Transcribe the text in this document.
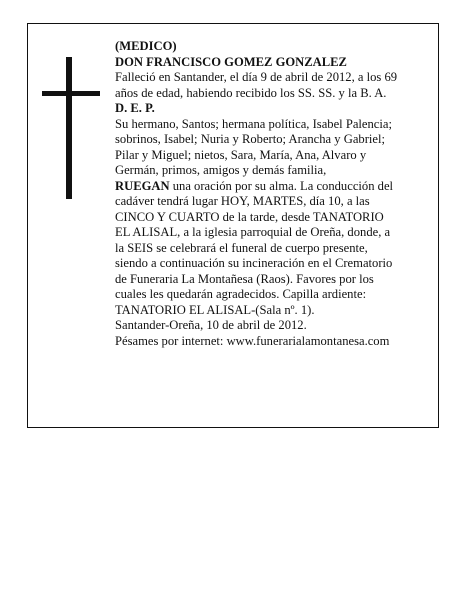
(MEDICO)
DON FRANCISCO GOMEZ GONZALEZ
Falleció en Santander, el día 9 de abril de 2012, a los 69
años de edad, habiendo recibido los SS. SS. y la B. A.
D. E. P.
Su hermano, Santos; hermana política, Isabel Palencia;
sobrinos, Isabel; Nuria y Roberto; Arancha y Gabriel;
Pilar y Miguel; nietos, Sara, María, Ana, Alvaro y
Germán, primos, amigos y demás familia,
RUEGAN una oración por su alma. La conducción del
cadáver tendrá lugar HOY, MARTES, día 10, a las
CINCO Y CUARTO de la tarde, desde TANATORIO
EL ALISAL, a la iglesia parroquial de Oreña, donde, a
la SEIS se celebrará el funeral de cuerpo presente,
siendo a continuación su incineración en el Crematorio
de Funeraria La Montañesa (Raos). Favores por los
cuales les quedarán agradecidos. Capilla ardiente:
TANATORIO EL ALISAL-(Sala nº. 1).
Santander-Oreña, 10 de abril de 2012.
Pésames por internet: www.funerarialamontanesa.com
